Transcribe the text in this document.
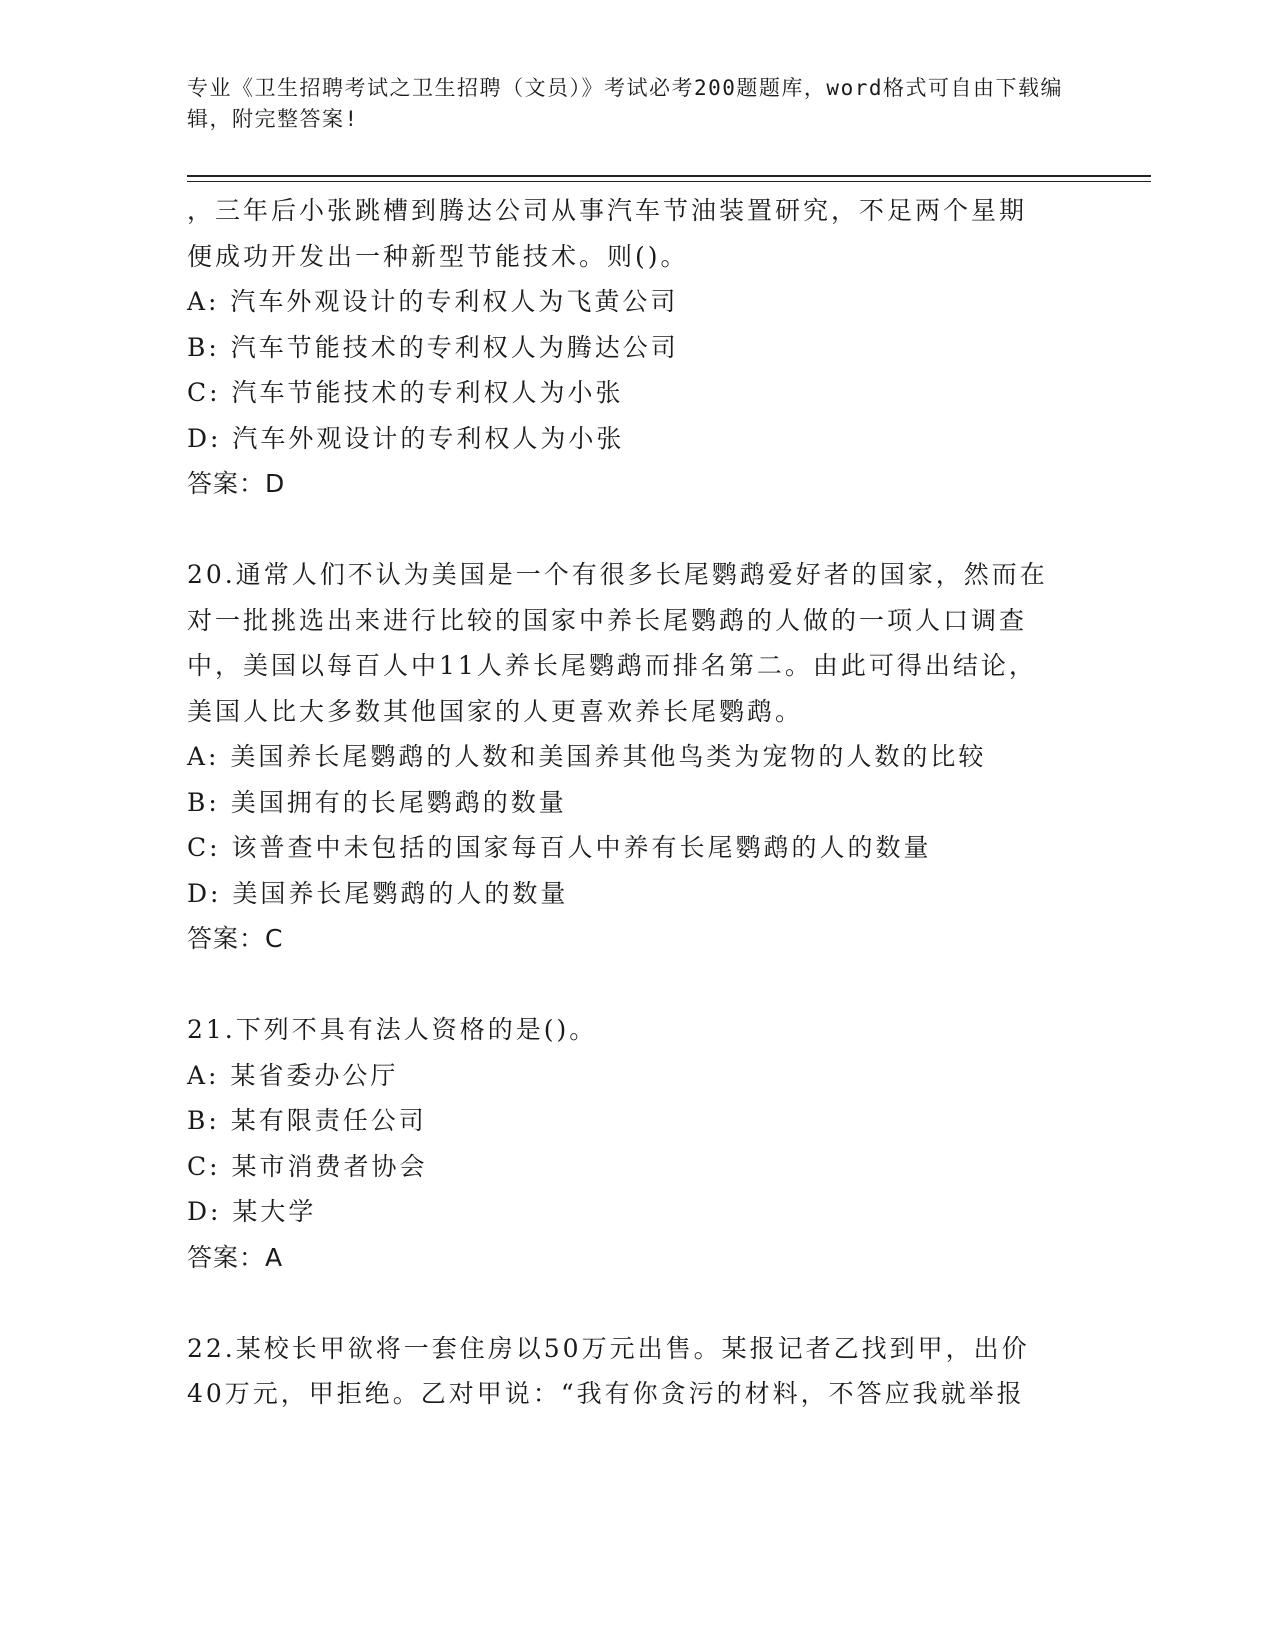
专业《卫生招聘考试之卫生招聘（文员）》考试必考200题题库，word格式可自由下载编辑，附完整答案!
，三年后小张跳槽到腾达公司从事汽车节油装置研究，不足两个星期
便成功开发出一种新型节能技术。则()。
A: 汽车外观设计的专利权人为飞黄公司
B: 汽车节能技术的专利权人为腾达公司
C: 汽车节能技术的专利权人为小张
D: 汽车外观设计的专利权人为小张
答案：D
20.通常人们不认为美国是一个有很多长尾鹦鹉爱好者的国家，然而在
对一批挑选出来进行比较的国家中养长尾鹦鹉的人做的一项人口调查
中，美国以每百人中11人养长尾鹦鹉而排名第二。由此可得出结论，
美国人比大多数其他国家的人更喜欢养长尾鹦鹉。
A: 美国养长尾鹦鹉的人数和美国养其他鸟类为宠物的人数的比较
B: 美国拥有的长尾鹦鹉的数量
C: 该普查中未包括的国家每百人中养有长尾鹦鹉的人的数量
D: 美国养长尾鹦鹉的人的数量
答案：C
21.下列不具有法人资格的是()。
A: 某省委办公厅
B: 某有限责任公司
C: 某市消费者协会
D: 某大学
答案：A
22.某校长甲欲将一套住房以50万元出售。某报记者乙找到甲，出价
40万元，甲拒绝。乙对甲说：“我有你贪污的材料，不答应我就举报
